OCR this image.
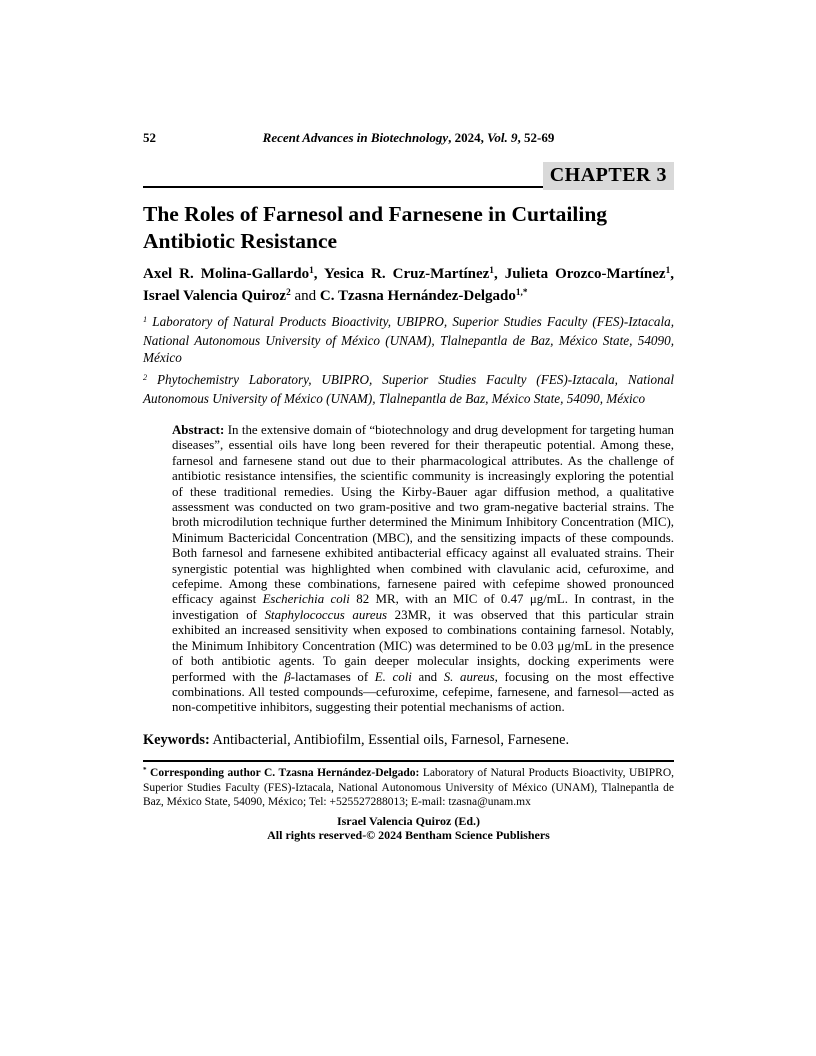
52	Recent Advances in Biotechnology, 2024, Vol. 9, 52-69
CHAPTER 3
The Roles of Farnesol and Farnesene in Curtailing Antibiotic Resistance

Axel R. Molina-Gallardo$^1$, Yesica R. Cruz-Martínez$^1$, Julieta Orozco-Martínez$^1$, Israel Valencia Quiroz$^2$ and C. Tzasna Hernández-Delgado$^{1,*}$

$^1$ Laboratory of Natural Products Bioactivity, UBIPRO, Superior Studies Faculty (FES)-Iztacala, National Autonomous University of México (UNAM), Tlalnepantla de Baz, México State, 54090, México

$^2$ Phytochemistry Laboratory, UBIPRO, Superior Studies Faculty (FES)-Iztacala, National Autonomous University of México (UNAM), Tlalnepantla de Baz, México State, 54090, México

Abstract: In the extensive domain of “biotechnology and drug development for targeting human diseases”, essential oils have long been revered for their therapeutic potential. Among these, farnesol and farnesene stand out due to their pharmacological attributes. As the challenge of antibiotic resistance intensifies, the scientific community is increasingly exploring the potential of these traditional remedies. Using the Kirby-Bauer agar diffusion method, a qualitative assessment was conducted on two gram-positive and two gram-negative bacterial strains. The broth microdilution technique further determined the Minimum Inhibitory Concentration (MIC), Minimum Bactericidal Concentration (MBC), and the sensitizing impacts of these compounds. Both farnesol and farnesene exhibited antibacterial efficacy against all evaluated strains. Their synergistic potential was highlighted when combined with clavulanic acid, cefuroxime, and cefepime. Among these combinations, farnesene paired with cefepime showed pronounced efficacy against Escherichia coli 82 MR, with an MIC of 0.47 μg/mL. In contrast, in the investigation of Staphylococcus aureus 23MR, it was observed that this particular strain exhibited an increased sensitivity when exposed to combinations containing farnesol. Notably, the Minimum Inhibitory Concentration (MIC) was determined to be 0.03 μg/mL in the presence of both antibiotic agents. To gain deeper molecular insights, docking experiments were performed with the β-lactamases of E. coli and S. aureus, focusing on the most effective combinations. All tested compounds—cefuroxime, cefepime, farnesene, and farnesol—acted as non-competitive inhibitors, suggesting their potential mechanisms of action.

Keywords: Antibacterial, Antibiofilm, Essential oils, Farnesol, Farnesene.

* Corresponding author C. Tzasna Hernández-Delgado: Laboratory of Natural Products Bioactivity, UBIPRO, Superior Studies Faculty (FES)-Iztacala, National Autonomous University of México (UNAM), Tlalnepantla de Baz, México State, 54090, México; Tel: +525527288013; E-mail: tzasna@unam.mx

Israel Valencia Quiroz (Ed.)
All rights reserved-© 2024 Bentham Science Publishers
